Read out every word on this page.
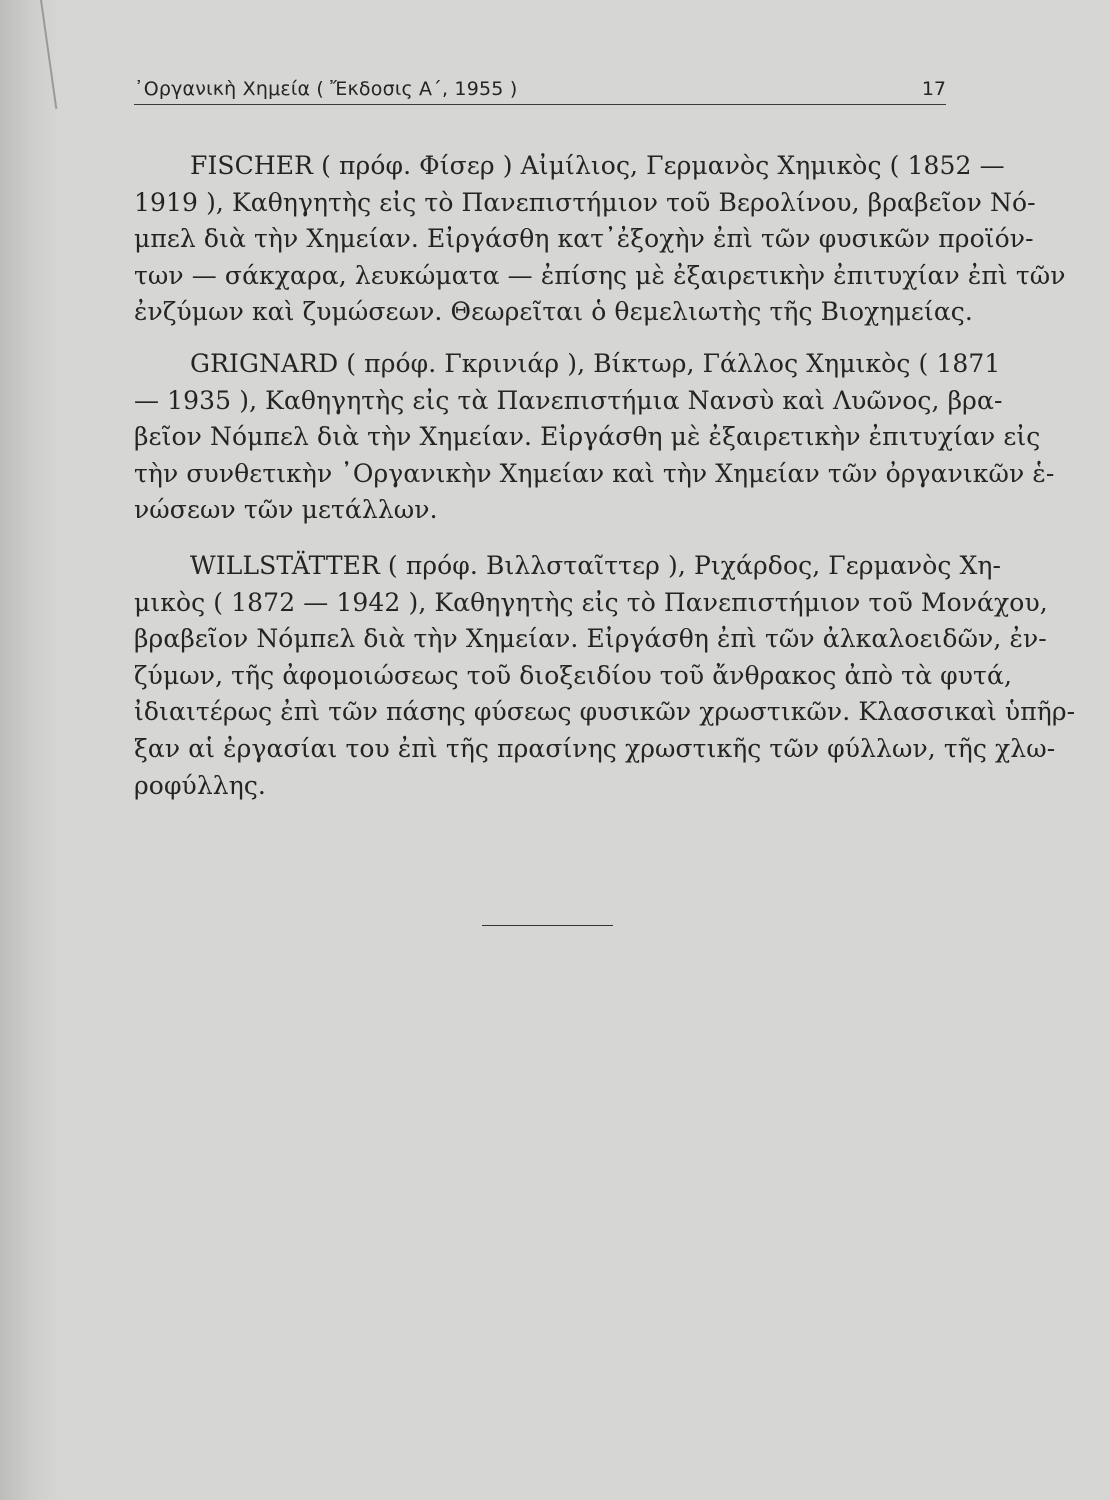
᾿Οργανικὴ Χημεία ( Ἔκδοσις Α΄, 1955 )	17
FISCHER ( πρόφ. Φίσερ ) Αἰμίλιος, Γερμανὸς Χημικὸς ( 1852 —
1919 ), Καθηγητὴς εἰς τὸ Πανεπιστήμιον τοῦ Βερολίνου, βραβεῖον Νό-
μπελ διὰ τὴν Χημείαν. Εἰργάσθη κατ᾿ἐξοχὴν ἐπὶ τῶν φυσικῶν προϊόν-
των — σάκχαρα, λευκώματα — ἐπίσης μὲ ἐξαιρετικὴν ἐπιτυχίαν ἐπὶ τῶν
ἐνζύμων καὶ ζυμώσεων. Θεωρεῖται ὁ θεμελιωτὴς τῆς Βιοχημείας.
GRIGNARD ( πρόφ. Γκρινιάρ ), Βίκτωρ, Γάλλος Χημικὸς ( 1871
— 1935 ), Καθηγητὴς εἰς τὰ Πανεπιστήμια Νανσὺ καὶ Λυῶνος, βρα-
βεῖον Νόμπελ διὰ τὴν Χημείαν. Εἰργάσθη μὲ ἐξαιρετικὴν ἐπιτυχίαν εἰς
τὴν συνθετικὴν ᾿Οργανικὴν Χημείαν καὶ τὴν Χημείαν τῶν ὀργανικῶν ἑ-
νώσεων τῶν μετάλλων.
WILLSTÄTTER ( πρόφ. Βιλλσταῖττερ ), Ριχάρδος, Γερμανὸς Χη-
μικὸς ( 1872 — 1942 ), Καθηγητὴς εἰς τὸ Πανεπιστήμιον τοῦ Μονάχου,
βραβεῖον Νόμπελ διὰ τὴν Χημείαν. Εἰργάσθη ἐπὶ τῶν ἀλκαλοειδῶν, ἐν-
ζύμων, τῆς ἀφομοιώσεως τοῦ διοξειδίου τοῦ ἄνθρακος ἀπὸ τὰ φυτά,
ἰδιαιτέρως ἐπὶ τῶν πάσης φύσεως φυσικῶν χρωστικῶν. Κλασσικαὶ ὑπῆρ-
ξαν αἱ ἐργασίαι του ἐπὶ τῆς πρασίνης χρωστικῆς τῶν φύλλων, τῆς χλω-
ροφύλλης.
